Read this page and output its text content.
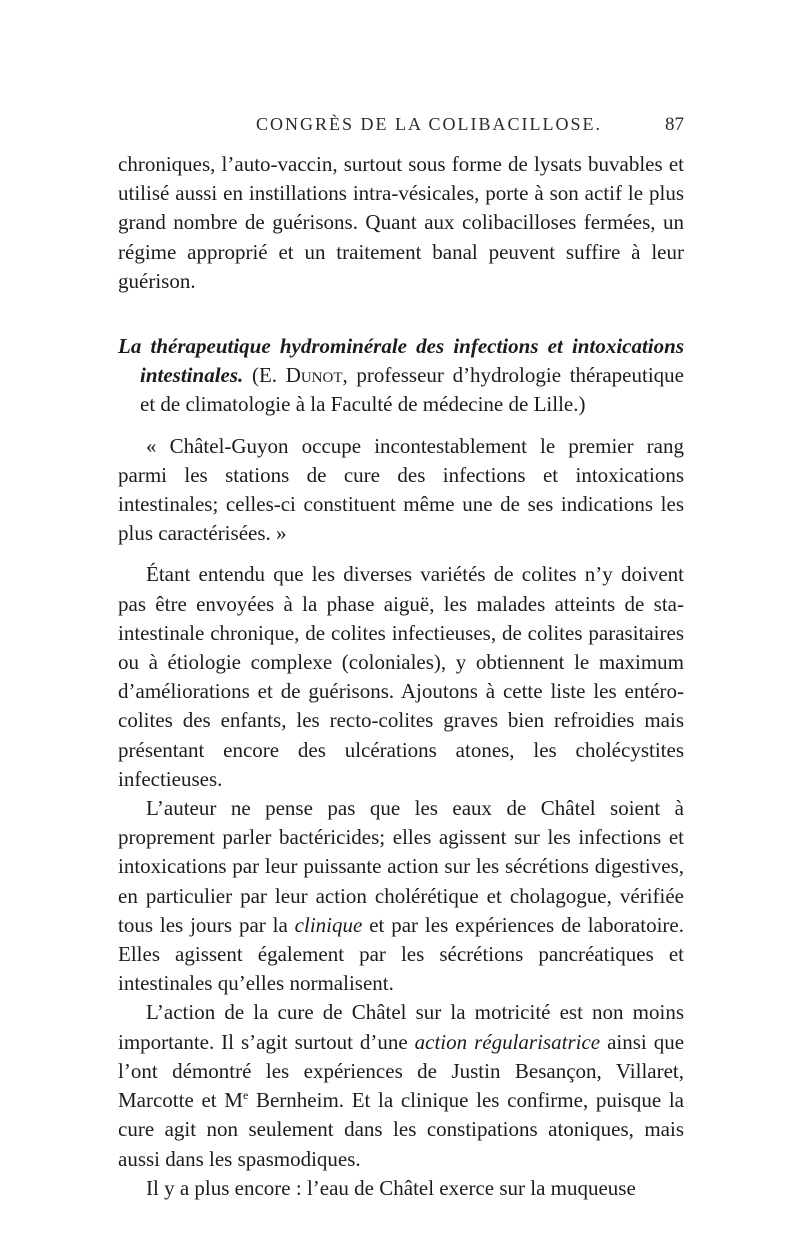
CONGRÈS DE LA COLIBACILLOSE.	87

chroniques, l’auto-vaccin, surtout sous forme de lysats buvables et utilisé aussi en instillations intra-vésicales, porte à son actif le plus grand nombre de guérisons. Quant aux colibacilloses fermées, un régime approprié et un traitement banal peuvent suffire à leur guérison.

La thérapeutique hydrominérale des infections et intoxications intestinales. (E. Dunot, professeur d’hydrologie thérapeutique et de climatologie à la Faculté de médecine de Lille.)

« Châtel-Guyon occupe incontestablement le premier rang parmi les stations de cure des infections et intoxications intestinales; celles-ci constituent même une de ses indications les plus caractérisées. »

Étant entendu que les diverses variétés de colites n’y doivent pas être envoyées à la phase aiguë, les malades atteints de sta-intestinale chronique, de colites infectieuses, de colites parasitaires ou à étiologie complexe (coloniales), y obtiennent le maximum d’améliorations et de guérisons. Ajoutons à cette liste les entéro-colites des enfants, les recto-colites graves bien refroidies mais présentant encore des ulcérations atones, les cholécystites infectieuses.

L’auteur ne pense pas que les eaux de Châtel soient à proprement parler bactéricides; elles agissent sur les infections et intoxications par leur puissante action sur les sécrétions digestives, en particulier par leur action cholérétique et cholagogue, vérifiée tous les jours par la clinique et par les expériences de laboratoire. Elles agissent également par les sécrétions pancréatiques et intestinales qu’elles normalisent.

L’action de la cure de Châtel sur la motricité est non moins importante. Il s’agit surtout d’une action régularisatrice ainsi que l’ont démontré les expériences de Justin Besançon, Villaret, Marcotte et Me Bernheim. Et la clinique les confirme, puisque la cure agit non seulement dans les constipations atoniques, mais aussi dans les spasmodiques.

Il y a plus encore : l’eau de Châtel exerce sur la muqueuse
